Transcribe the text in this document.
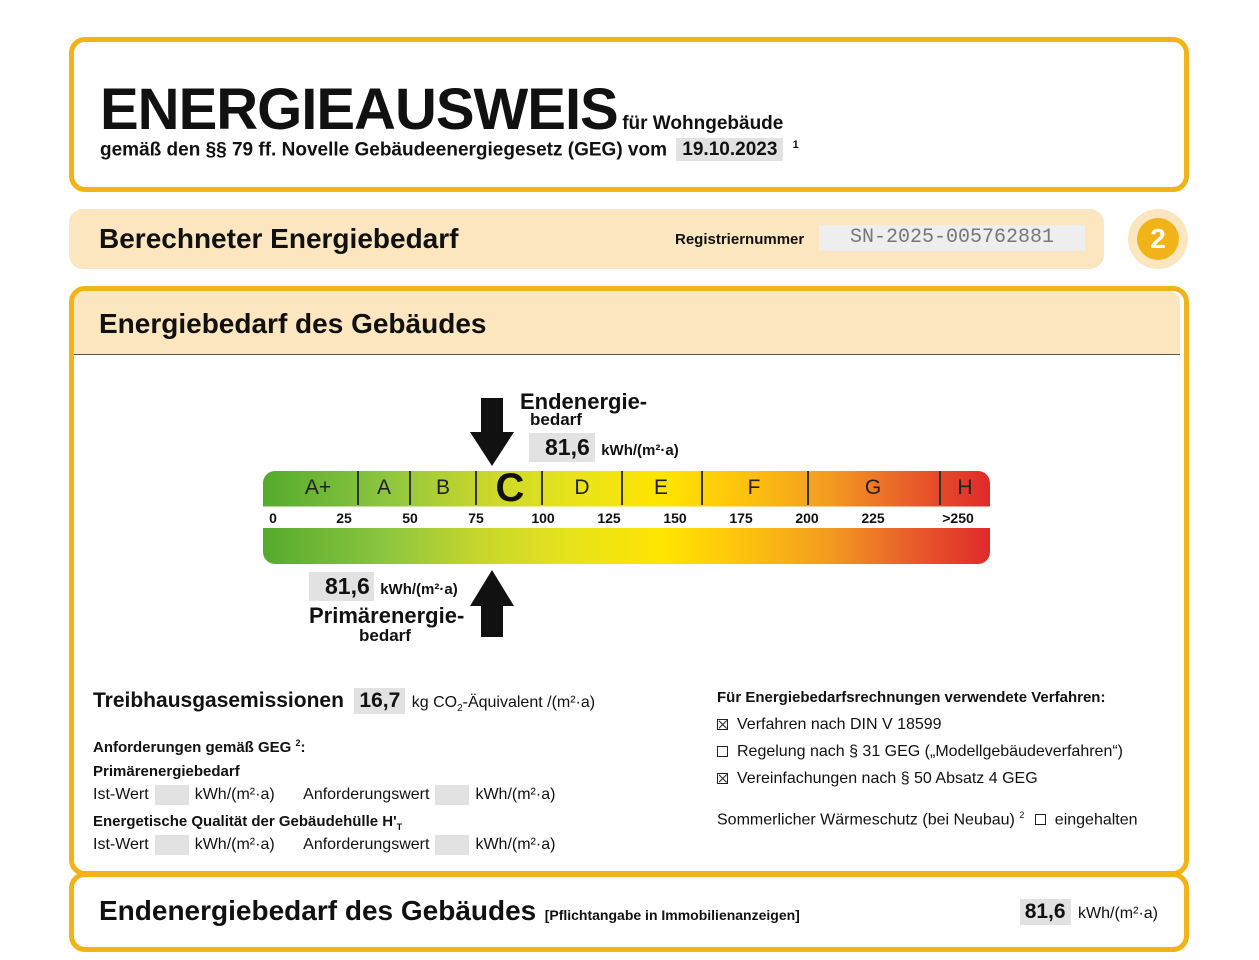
ENERGIEAUSWEIS für Wohngebäude
gemäß den §§ 79 ff. Novelle Gebäudeenergiegesetz (GEG) vom 19.10.2023 $^1$
Berechneter Energiebedarf	Registriernummer	SN-2025-005762881	2
Energiebedarf des Gebäudes
A+ A B C D	E	F	G	H
0	25	50	75	100	125	150	175	200	225	>250
Endenergie-
bedarf
81,6 kWh/(m²·a)
81,6 kWh/(m²·a)
Primärenergie-
bedarf
Treibhausgasemissionen 16,7 kg $CO_2$-Äquivalent /(m²·a)
Anforderungen gemäß GEG $^2$:
Primärenergiebedarf
Ist-Wert	kWh/(m²·a) Anforderungswert	kWh/(m²·a)
Energetische Qualität der Gebäudehülle $H'_T$
Ist-Wert	kWh/(m²·a) Anforderungswert	kWh/(m²·a)
Für Energiebedarfsrechnungen verwendete Verfahren:
Verfahren nach DIN V 18599
Regelung nach § 31 GEG („Modellgebäudeverfahren“)
Vereinfachungen nach § 50 Absatz 4 GEG
Sommerlicher Wärmeschutz (bei Neubau) $^2$ eingehalten
Endenergiebedarf des Gebäudes [Pflichtangabe in Immobilienanzeigen]	81,6 kWh/(m²·a)
